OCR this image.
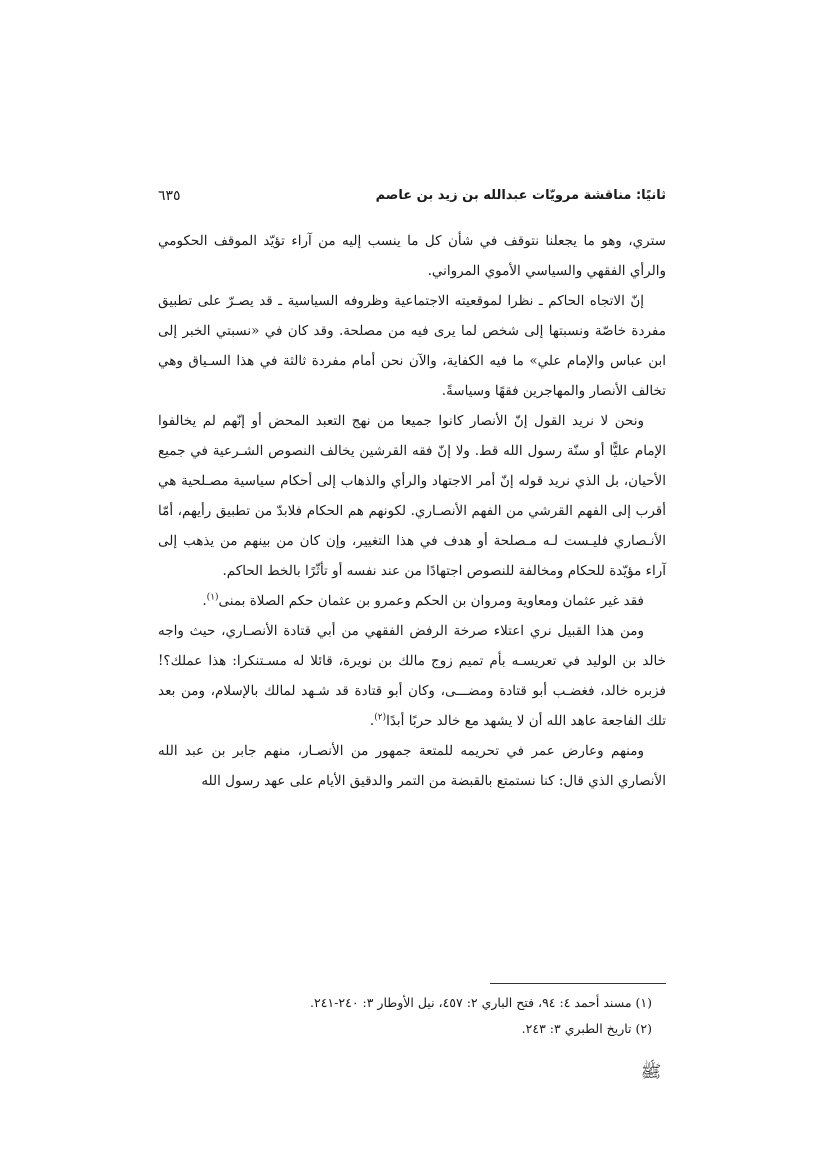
ثانيًا: مناقشة مرويّات عبدالله بن زيد بن عاصم
٦٣٥

ستري، وهو ما يجعلنا نتوقف في شأن كل ما ينسب إليه من آراء تؤيّد الموقف الحكومي والرأي الفقهي والسياسي الأموي المرواني.

إنّ الاتجاه الحاكم ـ نظرا لموقعيته الاجتماعية وظروفه السياسية ـ قد يصـرّ على تطبيق مفردة خاصّة ونسبتها إلى شخص لما يرى فيه من مصلحة. وقد كان في «نسبتي الخبر إلى ابن عباس والإمام علي» ما فيه الكفاية، والآن نحن أمام مفردة ثالثة في هذا السـياق وهي تخالف الأنصار والمهاجرين فقهًا وسياسةً.

ونحن لا نريد القول إنّ الأنصار كانوا جميعا من نهج التعبد المحض أو إنّهم لم يخالفوا الإمام عليًّا أو سنّة رسول الله قط. ولا إنّ فقه القرشين يخالف النصوص الشـرعية في جميع الأحيان، بل الذي نريد قوله إنّ أمر الاجتهاد والرأي والذهاب إلى أحكام سياسية مصـلحية هي أقرب إلى الفهم القرشي من الفهم الأنصـاري. لكونهم هم الحكام فلابدّ من تطبيق رأيهم، أمّا الأنـصاري فليـست لـه مـصلحة أو هدف في هذا التغيير، وإن كان من بينهم من يذهب إلى آراء مؤيّدة للحكام ومخالفة للنصوص اجتهادًا من عند نفسه أو تأثّرًا بالخط الحاكم.

فقد غير عثمان ومعاوية ومروان بن الحكم وعمرو بن عثمان حكم الصلاة بمنى$^{(١)}$.

ومن هذا القبيل نري اعتلاء صرخة الرفض الفقهي من أبي قتادة الأنصـاري، حيث واجه خالد بن الوليد في تعريسـه بأم تميم زوج مالك بن نويرة، قائلا له مسـتنكرا: هذا عملك؟! فزبره خالد، فغضـب أبو قتادة ومضـــى، وكان أبو قتادة قد شـهد لمالك بالإسلام، ومن بعد تلك الفاجعة عاهد الله أن لا يشهد مع خالد حربًا أبدًا$^{(٢)}$.

ومنهم وعارض عمر في تحريمه للمتعة جمهور من الأنصـار، منهم جابر بن عبد الله الأنصاري الذي قال: كنا نستمتع بالقبضة من التمر والدقيق الأيام على عهد رسول الله

(١) مسند أحمد ٤: ٩٤، فتح الباري ٢: ٤٥٧، نيل الأوطار ٣: ٢٤٠-٢٤١.

(٢) تاريخ الطبري ٣: ٢٤٣.

ﷺ
